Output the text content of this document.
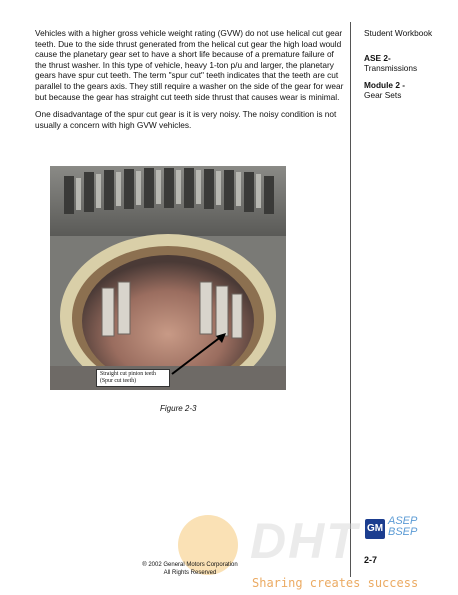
Vehicles with a higher gross vehicle weight rating (GVW) do not use helical cut gear teeth. Due to the side thrust generated from the helical cut gear the high load would cause the planetary gear set to have a short life because of a premature failure of the thrust washer. In this type of vehicle, heavy 1-ton p/u and larger, the planetary gears have spur cut teeth. The term "spur cut" teeth indicates that the teeth are cut parallel to the gears axis. They still require a washer on the side of the gear for wear but because the gear has straight cut teeth side thrust that causes wear is minimal.

One disadvantage of the spur cut gear is it is very noisy. The noisy condition is not usually a concern with high GVW vehicles.

Student Workbook
ASE 2-
Transmissions
Module 2 -
Gear Sets
Straight cut pinion teeth
(Spur cut teeth)
Figure 2-3
DHT
® 2002 General Motors Corporation
All Rights Reserved
GM
ASEP
BSEP
2-7
Sharing creates success
